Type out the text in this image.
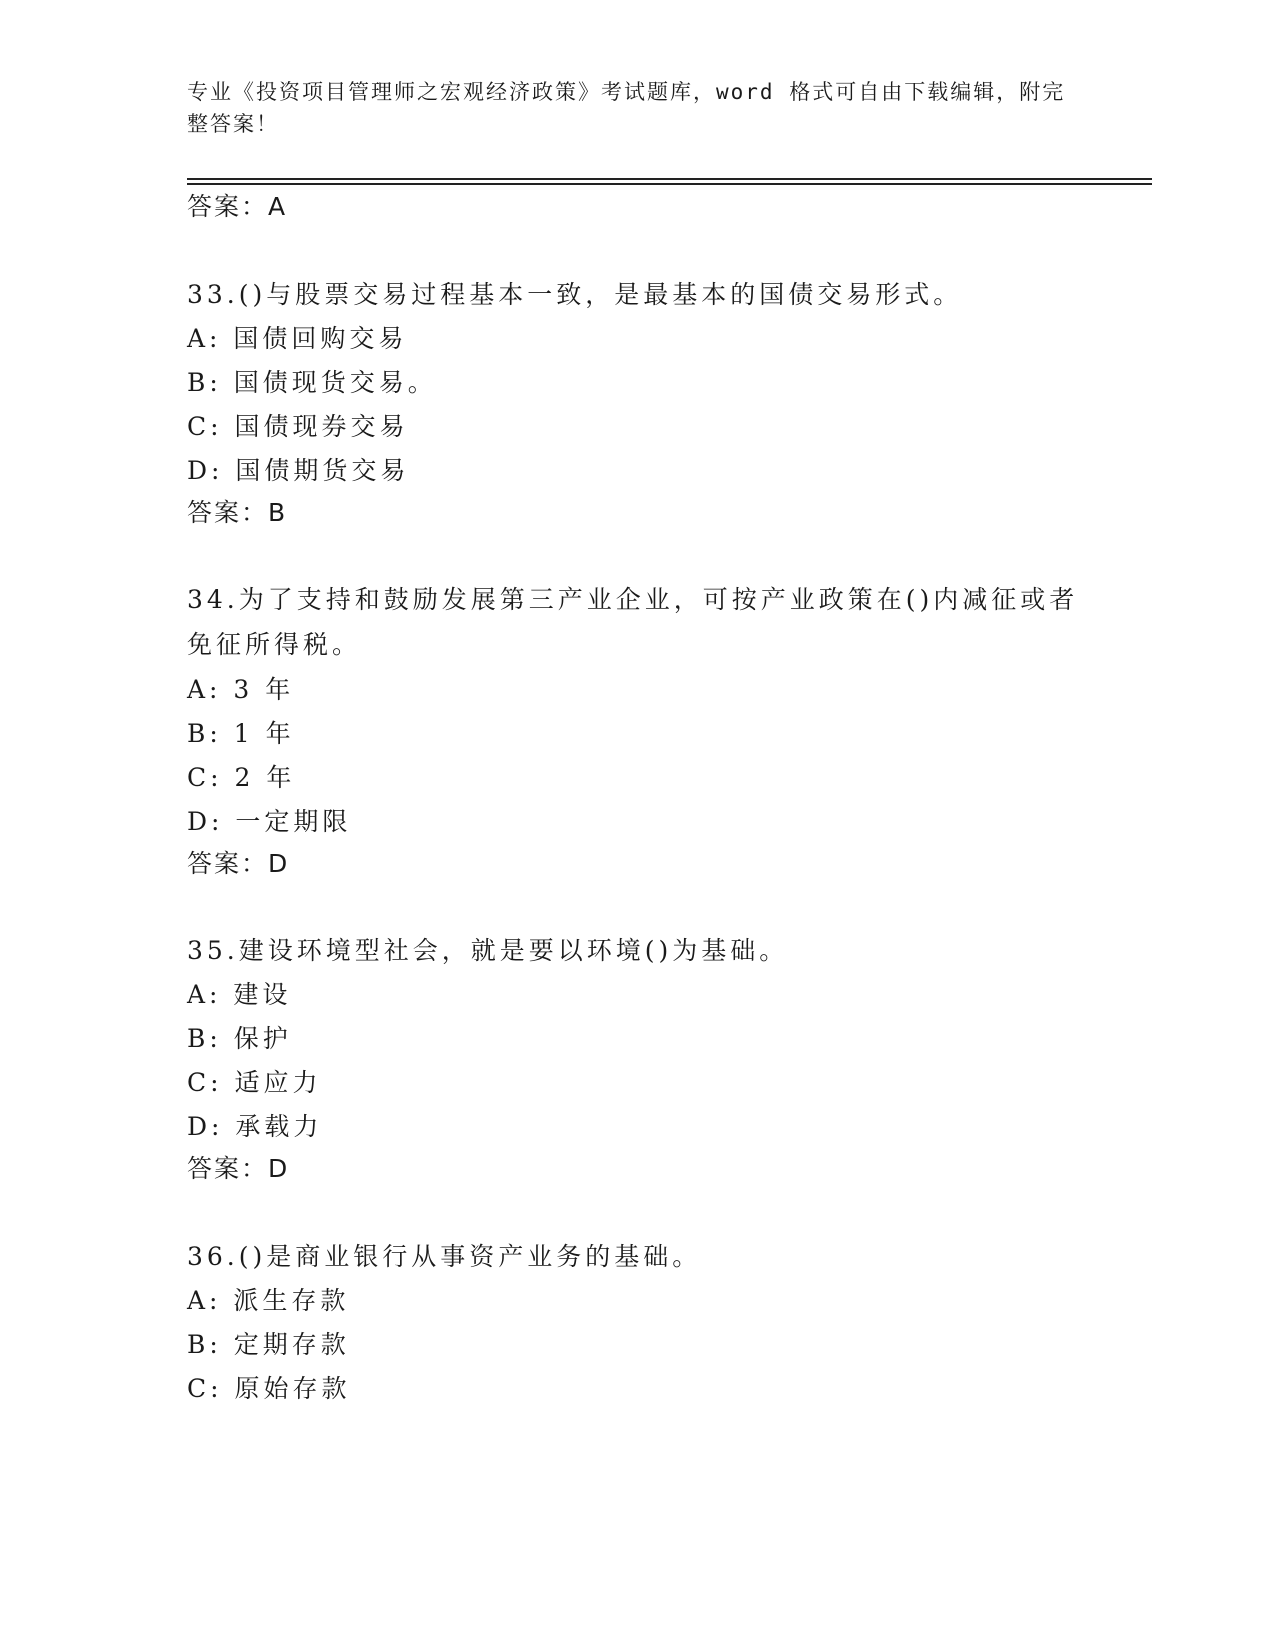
专业《投资项目管理师之宏观经济政策》考试题库，word 格式可自由下载编辑，附完整答案！
答案：A
33.()与股票交易过程基本一致，是最基本的国债交易形式。
A: 国债回购交易
B: 国债现货交易。
C: 国债现券交易
D: 国债期货交易
答案：B
34.为了支持和鼓励发展第三产业企业，可按产业政策在()内减征或者免征所得税。
A: 3 年
B: 1 年
C: 2 年
D: 一定期限
答案：D
35.建设环境型社会，就是要以环境()为基础。
A: 建设
B: 保护
C: 适应力
D: 承载力
答案：D
36.()是商业银行从事资产业务的基础。
A: 派生存款
B: 定期存款
C: 原始存款
